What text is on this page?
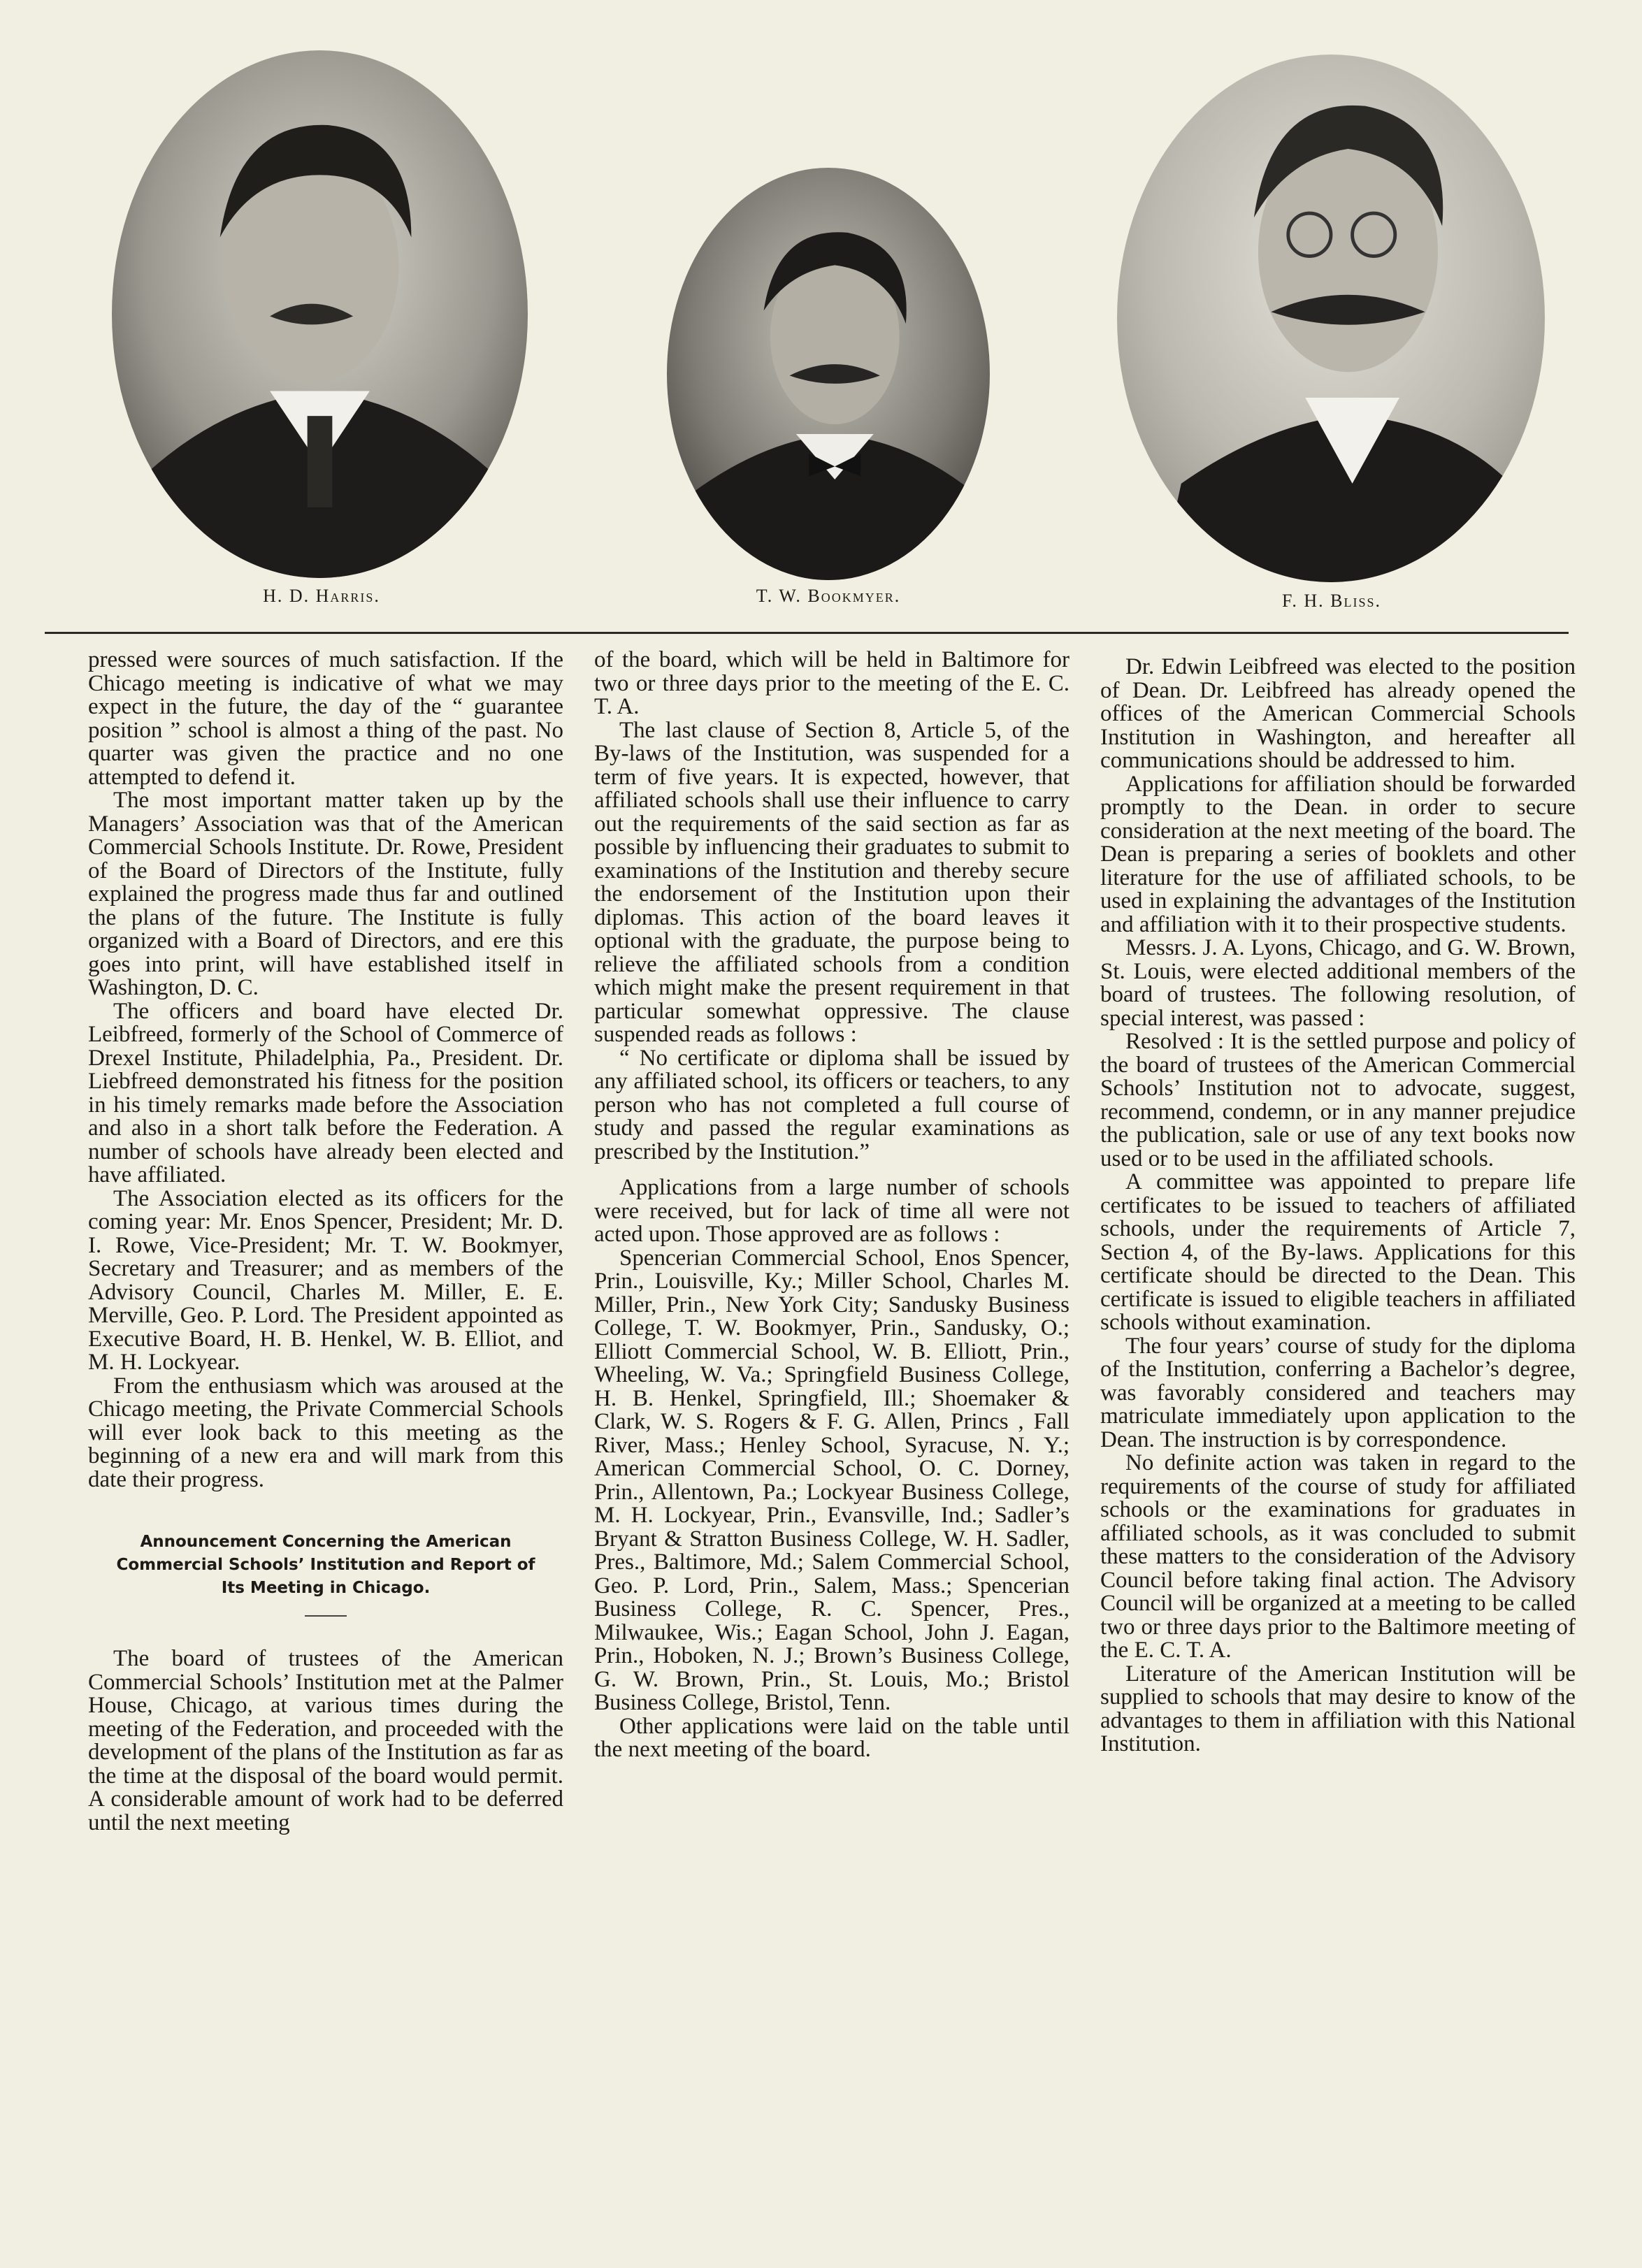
H. D. Harris.	T. W. Bookmyer.	F. H. Bliss.

pressed were sources of much satisfaction. If the Chicago meeting is indicative of what we may expect in the future, the day of the “ guarantee position ” school is almost a thing of the past. No quarter was given the practice and no one attempted to defend it.

The most important matter taken up by the Managers’ Association was that of the American Commercial Schools Institute. Dr. Rowe, President of the Board of Directors of the Institute, fully explained the progress made thus far and outlined the plans of the future. The Institute is fully organized with a Board of Directors, and ere this goes into print, will have established itself in Washington, D. C.

The officers and board have elected Dr. Leibfreed, formerly of the School of Commerce of Drexel Institute, Philadelphia, Pa., President. Dr. Liebfreed demonstrated his fitness for the position in his timely remarks made before the Association and also in a short talk before the Federation. A number of schools have already been elected and have affiliated.

The Association elected as its officers for the coming year: Mr. Enos Spencer, President; Mr. D. I. Rowe, Vice-President; Mr. T. W. Bookmyer, Secretary and Treasurer; and as members of the Advisory Council, Charles M. Miller, E. E. Merville, Geo. P. Lord. The President appointed as Executive Board, H. B. Henkel, W. B. Elliot, and M. H. Lockyear.

From the enthusiasm which was aroused at the Chicago meeting, the Private Commercial Schools will ever look back to this meeting as the beginning of a new era and will mark from this date their progress.

Announcement Concerning the American Commercial Schools’ Institution and Report of Its Meeting in Chicago.

The board of trustees of the American Commercial Schools’ Institution met at the Palmer House, Chicago, at various times during the meeting of the Federation, and proceeded with the development of the plans of the Institution as far as the time at the disposal of the board would permit. A considerable amount of work had to be deferred until the next meeting

of the board, which will be held in Baltimore for two or three days prior to the meeting of the E. C. T. A.

The last clause of Section 8, Article 5, of the By-laws of the Institution, was suspended for a term of five years. It is expected, however, that affiliated schools shall use their influence to carry out the requirements of the said section as far as possible by influencing their graduates to submit to examinations of the Institution and thereby secure the endorsement of the Institution upon their diplomas. This action of the board leaves it optional with the graduate, the purpose being to relieve the affiliated schools from a condition which might make the present requirement in that particular somewhat oppressive. The clause suspended reads as follows :

“ No certificate or diploma shall be issued by any affiliated school, its officers or teachers, to any person who has not completed a full course of study and passed the regular examinations as prescribed by the Institution.”

Applications from a large number of schools were received, but for lack of time all were not acted upon. Those approved are as follows :

Spencerian Commercial School, Enos Spencer, Prin., Louisville, Ky.; Miller School, Charles M. Miller, Prin., New York City; Sandusky Business College, T. W. Bookmyer, Prin., Sandusky, O.; Elliott Commercial School, W. B. Elliott, Prin., Wheeling, W. Va.; Springfield Business College, H. B. Henkel, Springfield, Ill.; Shoemaker & Clark, W. S. Rogers & F. G. Allen, Princs , Fall River, Mass.; Henley School, Syracuse, N. Y.; American Commercial School, O. C. Dorney, Prin., Allentown, Pa.; Lockyear Business College, M. H. Lockyear, Prin., Evansville, Ind.; Sadler’s Bryant & Stratton Business College, W. H. Sadler, Pres., Baltimore, Md.; Salem Commercial School, Geo. P. Lord, Prin., Salem, Mass.; Spencerian Business College, R. C. Spencer, Pres., Milwaukee, Wis.; Eagan School, John J. Eagan, Prin., Hoboken, N. J.; Brown’s Business College, G. W. Brown, Prin., St. Louis, Mo.; Bristol Business College, Bristol, Tenn.

Other applications were laid on the table until the next meeting of the board.

Dr. Edwin Leibfreed was elected to the position of Dean. Dr. Leibfreed has already opened the offices of the American Commercial Schools Institution in Washington, and hereafter all communications should be addressed to him.

Applications for affiliation should be forwarded promptly to the Dean. in order to secure consideration at the next meeting of the board. The Dean is preparing a series of booklets and other literature for the use of affiliated schools, to be used in explaining the advantages of the Institution and affiliation with it to their prospective students.

Messrs. J. A. Lyons, Chicago, and G. W. Brown, St. Louis, were elected additional members of the board of trustees. The following resolution, of special interest, was passed :

Resolved : It is the settled purpose and policy of the board of trustees of the American Commercial Schools’ Institution not to advocate, suggest, recommend, condemn, or in any manner prejudice the publication, sale or use of any text books now used or to be used in the affiliated schools.

A committee was appointed to prepare life certificates to be issued to teachers of affiliated schools, under the requirements of Article 7, Section 4, of the By-laws. Applications for this certificate should be directed to the Dean. This certificate is issued to eligible teachers in affiliated schools without examination.

The four years’ course of study for the diploma of the Institution, conferring a Bachelor’s degree, was favorably considered and teachers may matriculate immediately upon application to the Dean. The instruction is by correspondence.

No definite action was taken in regard to the requirements of the course of study for affiliated schools or the examinations for graduates in affiliated schools, as it was concluded to submit these matters to the consideration of the Advisory Council before taking final action. The Advisory Council will be organized at a meeting to be called two or three days prior to the Baltimore meeting of the E. C. T. A.

Literature of the American Institution will be supplied to schools that may desire to know of the advantages to them in affiliation with this National Institution.
